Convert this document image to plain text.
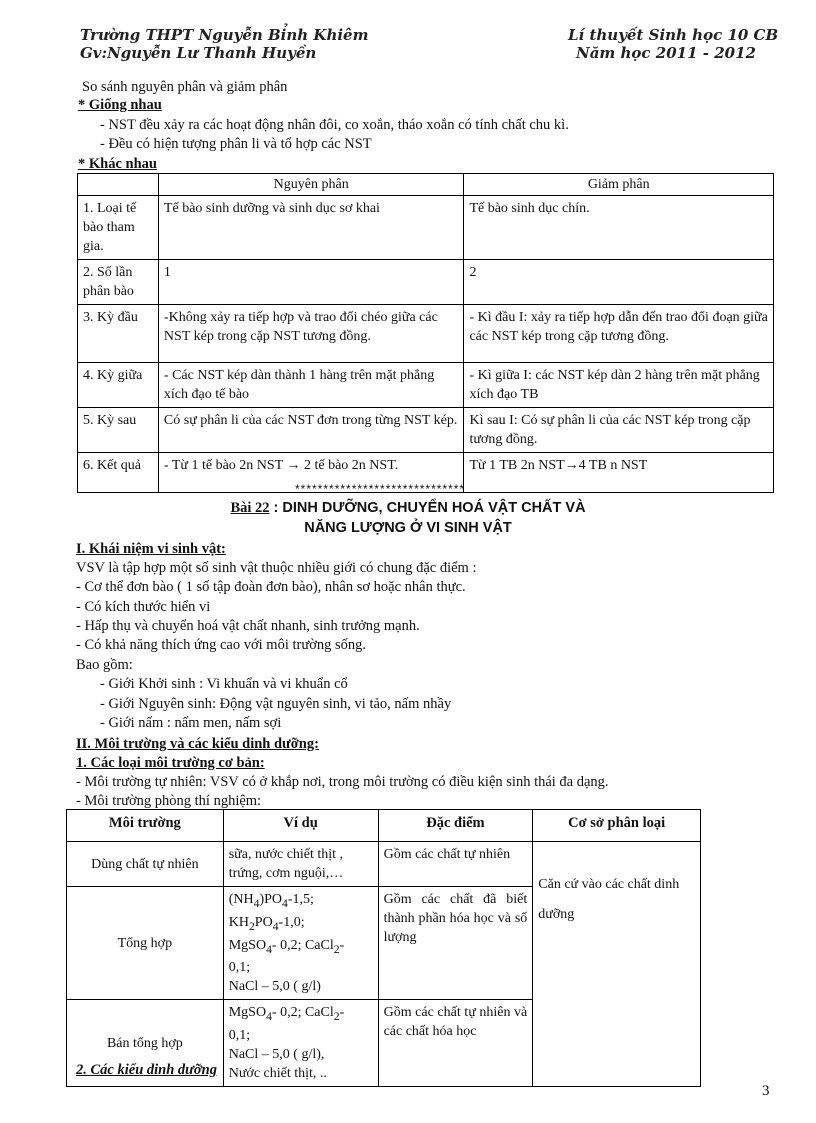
Trường THPT Nguyễn Bỉnh Khiêm
Gv:Nguyễn Lư Thanh Huyền
Lí thuyết Sinh học 10 CB
Năm học 2011 - 2012
So sánh nguyên phân và giảm phân
* Giống nhau
- NST đều xảy ra các hoạt động nhân đôi, co xoắn, tháo xoắn có tính chất chu kì.
- Đều có hiện tượng phân li và tổ hợp các NST
* Khác nhau
	Nguyên phân	Giảm phân
1. Loại tế bào tham gia.	Tế bào sinh dưỡng và sinh dục sơ khai	Tế bào sinh dục chín.
2. Số lần phân bào	1	2
3. Kỳ đầu	-Không xảy ra tiếp hợp và trao đổi chéo giữa các NST kép trong cặp NST tương đồng.	- Kì đầu I: xảy ra tiếp hợp dẫn đến trao đổi đoạn giữa các NST kép trong cặp tương đồng.
4. Kỳ giữa	- Các NST kép dàn thành 1 hàng trên mặt phẳng xích đạo tế bào	- Kì giữa I: các NST kép dàn 2 hàng trên mặt phẳng xích đạo TB
5. Kỳ sau	Có sự phân li của các NST đơn trong từng NST kép.	Kì sau I: Có sự phân li của các NST kép trong cặp tương đồng.
6. Kết quả	- Từ 1 tế bào 2n NST → 2 tế bào 2n NST.	Từ 1 TB 2n NST→4 TB n NST
******************************
Bài 22 : DINH DƯỠNG, CHUYỂN HOÁ VẬT CHẤT VÀ
NĂNG LƯỢNG Ở VI SINH VẬT
I. Khái niệm vi sinh vật:
VSV là tập hợp một số sinh vật thuộc nhiều giới có chung đặc điểm :
- Cơ thể đơn bào ( 1 số tập đoàn đơn bào), nhân sơ hoặc nhân thực.
- Có kích thước hiển vi
- Hấp thụ và chuyển hoá vật chất nhanh, sinh trưởng mạnh.
- Có khả năng thích ứng cao với môi trường sống.
Bao gồm:
- Giới Khởi sinh : Vi khuẩn và vi khuẩn cổ
- Giới Nguyên sinh: Động vật nguyên sinh, vi tảo, nấm nhầy
- Giới nấm : nấm men, nấm sợi
II. Môi trường và các kiểu dinh dưỡng:
1. Các loại môi trường cơ bản:
- Môi trường tự nhiên: VSV có ở khắp nơi, trong môi trường có điều kiện sinh thái đa dạng.
- Môi trường phòng thí nghiệm:
Môi trường	Ví dụ	Đặc điểm	Cơ sở phân loại
Dùng chất tự nhiên	sữa, nước chiết thịt , trứng, cơm nguội,…	Gồm các chất tự nhiên	Căn cứ vào các chất dinh dưỡng

Tổng hợp	$(NH_4)PO_4-1,5$;
$KH_2PO_4-1,0$;
MgSO$_4$- 0,2; CaCl$_2$-
0,1;
NaCl – 5,0 ( g/l)	Gồm các chất đã biết thành phần hóa học và số lượng	
Bán tổng hợp	MgSO$_4$- 0,2; CaCl$_2$-
0,1;
NaCl – 5,0 ( g/l),
Nước chiết thịt, ..	Gồm các chất tự nhiên và các chất hóa học	
2. Các kiểu dinh dưỡng
3
